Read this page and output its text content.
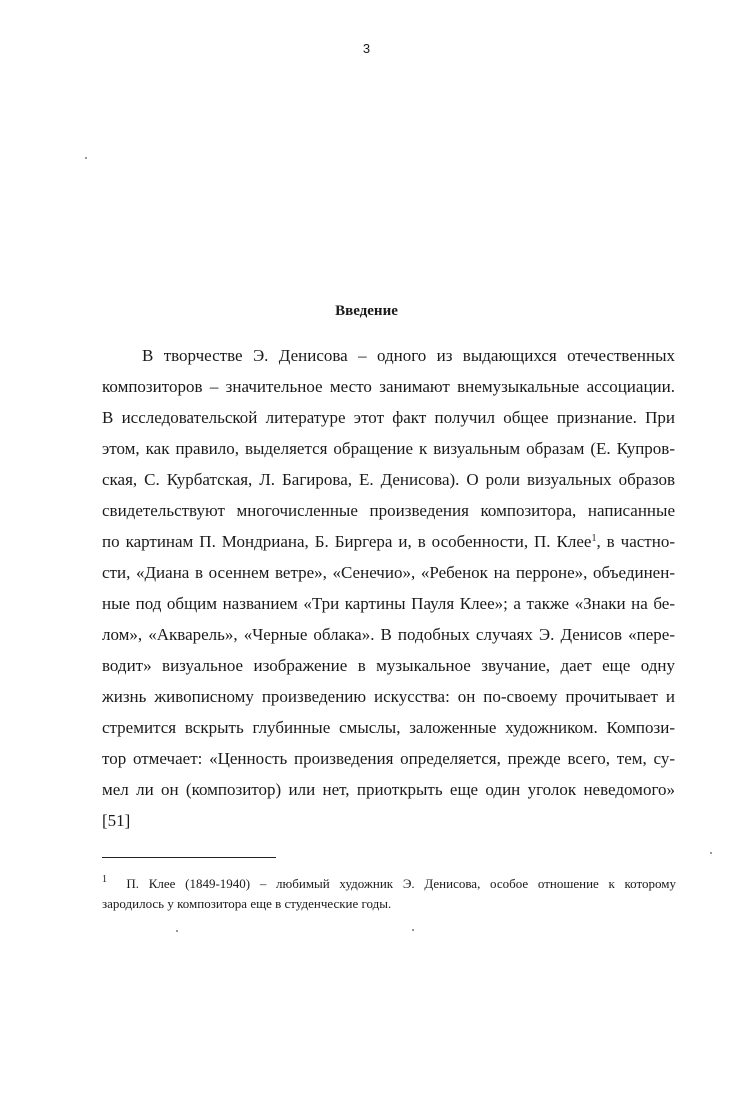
3
Введение
В творчестве Э. Денисова – одного из выдающихся отечественных
композиторов – значительное место занимают внемузыкальные ассоциации.
В исследовательской литературе этот факт получил общее признание. При
этом, как правило, выделяется обращение к визуальным образам (Е. Купров-
ская, С. Курбатская, Л. Багирова, Е. Денисова). О роли визуальных образов
свидетельствуют многочисленные произведения композитора, написанные
по картинам П. Мондриана, Б. Биргера и, в особенности, П. Клее$^1$, в частно-
сти, «Диана в осеннем ветре», «Сенечио», «Ребенок на перроне», объединен-
ные под общим названием «Три картины Пауля Клее»; а также «Знаки на бе-
лом», «Акварель», «Черные облака». В подобных случаях Э. Денисов «пере-
водит» визуальное изображение в музыкальное звучание, дает еще одну
жизнь живописному произведению искусства: он по-своему прочитывает и
стремится вскрыть глубинные смыслы, заложенные художником. Компози-
тор отмечает: «Ценность произведения определяется, прежде всего, тем, су-
мел ли он (композитор) или нет, приоткрыть еще один уголок неведомого»
[51]
$^1$ П. Клее (1849-1940) – любимый художник Э. Денисова, особое отношение к которому
зародилось у композитора еще в студенческие годы.
